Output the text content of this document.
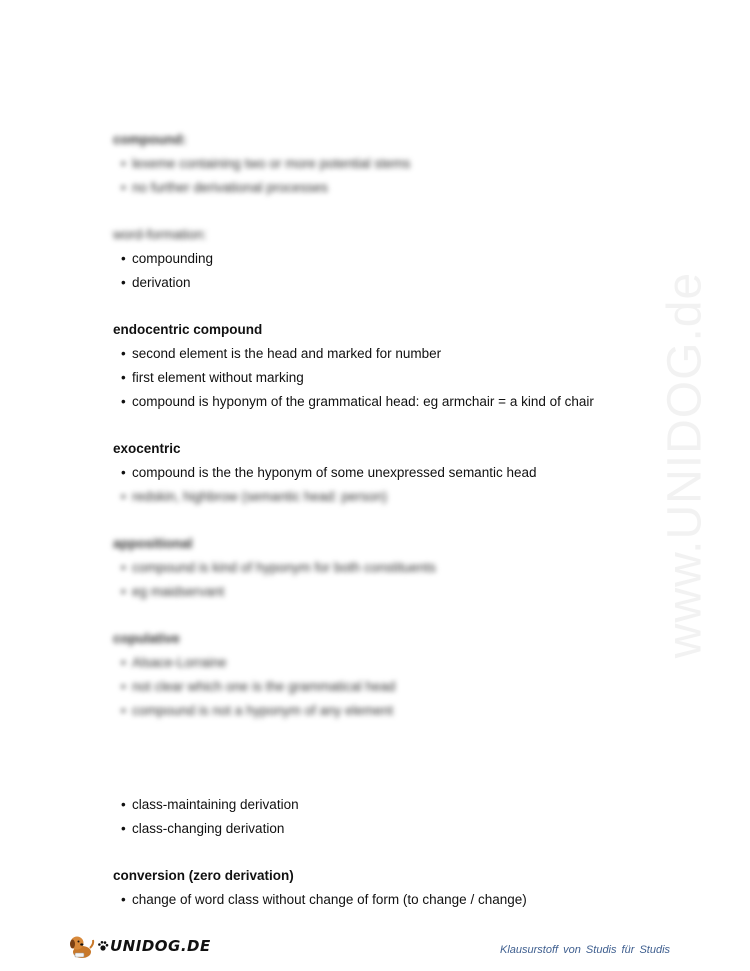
www.UNIDOG.de
compound:
• lexeme containing two or more potential stems
• no further derivational processes
word-formation:
• compounding
• derivation
endocentric compound
• second element is the head and marked for number
• first element without marking
• compound is hyponym of the grammatical head: eg armchair = a kind of chair
exocentric
• compound is the the hyponym of some unexpressed semantic head
• redskin, highbrow (semantic head: person)
appositional
• compound is kind of hyponym for both constituents
• eg maidservant
copulative
• Alsace-Lorraine
• not clear which one is the grammatical head
• compound is not a hyponym of any element
• class-maintaining derivation
• class-changing derivation
conversion (zero derivation)
• change of word class without change of form (to change / change)
UNIDOG.DE	Klausurstoff von Studis für Studis
